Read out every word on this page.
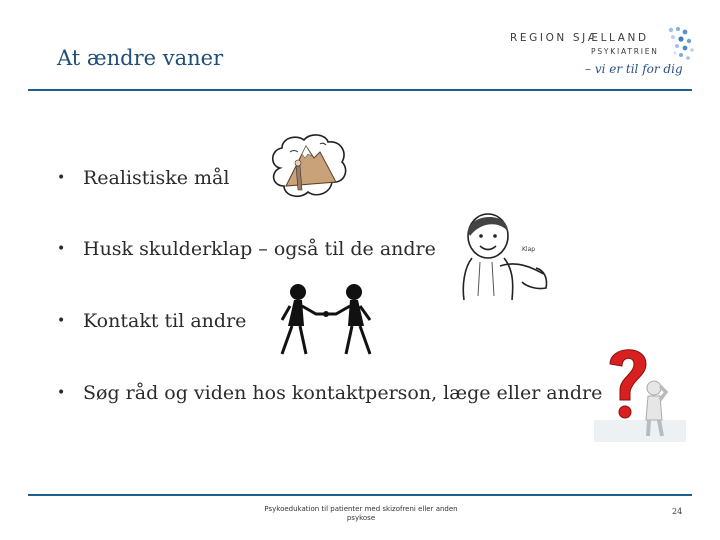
At ændre vaner
REGION SJÆLLAND
PSYKIATRIEN
– vi er til for dig
• Realistiske mål
• Husk skulderklap – også til de andre
• Kontakt til andre
• Søg råd og viden hos kontaktperson, læge eller andre
Klap
Psykoedukation til patienter med skizofreni eller anden psykose
24
